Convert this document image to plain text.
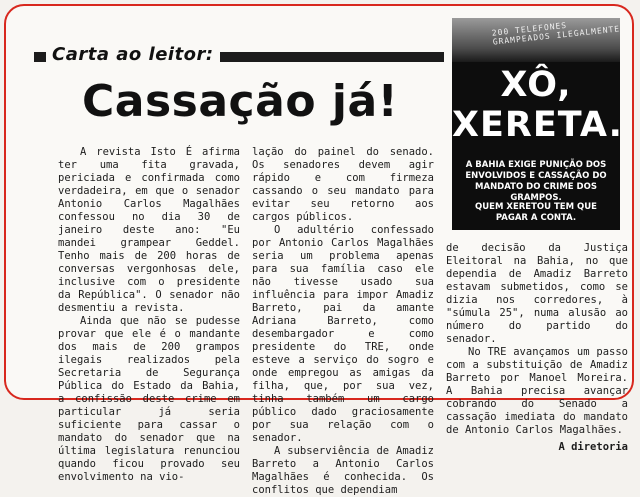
Carta ao leitor:
Cassação já!
200 TELEFONES GRAMPEADOS ILEGALMENTE
XÔ,
XERETA.
A BAHIA EXIGE PUNIÇÃO DOS ENVOLVIDOS E CASSAÇÃO DO MANDATO DO CRIME DOS GRAMPOS.
QUEM XERETOU TEM QUE PAGAR A CONTA.

A revista Isto É afirma ter uma fita gravada, periciada e confirmada como verdadeira, em que o senador Antonio Carlos Magalhães confessou no dia 30 de janeiro deste ano: "Eu mandei grampear Geddel. Tenho mais de 200 horas de conversas vergonhosas dele, inclusive com o presidente da República". O senador não desmentiu a revista.

Ainda que não se pudesse provar que ele é o mandante dos mais de 200 grampos ilegais realizados pela Secretaria de Segurança Pública do Estado da Bahia, a confissão deste crime em particular já seria suficiente para cassar o mandato do senador que na última legislatura renunciou quando ficou provado seu envolvimento na vio-

lação do painel do senado. Os senadores devem agir rápido e com firmeza cassando o seu mandato para evitar seu retorno aos cargos públicos.

O adultério confessado por Antonio Carlos Magalhães seria um problema apenas para sua família caso ele não tivesse usado sua influência para impor Amadiz Barreto, pai da amante Adriana Barreto, como desembargador e como presidente do TRE, onde esteve a serviço do sogro e onde empregou as amigas da filha, que, por sua vez, tinha também um cargo público dado graciosamente por sua relação com o senador.

A subserviência de Amadiz Barreto a Antonio Carlos Magalhães é conhecida. Os conflitos que dependiam

de decisão da Justiça Eleitoral na Bahia, no que dependia de Amadiz Barreto estavam submetidos, como se dizia nos corredores, à "súmula 25", numa alusão ao número do partido do senador.

No TRE avançamos um passo com a substituição de Amadiz Barreto por Manoel Moreira. A Bahia precisa avançar cobrando do Senado a cassação imediata do mandato de Antonio Carlos Magalhães.

A diretoria
